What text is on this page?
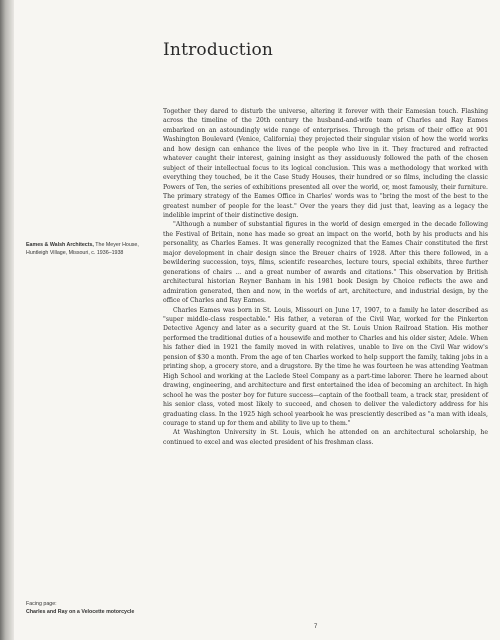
Introduction
Eames & Walsh Architects, The Meyer House, Huntleigh Village, Missouri, c. 1936–1938

Together they dared to disturb the universe, altering it forever with their Eamesian touch. Flashing across the timeline of the 20th century the husband-and-wife team of Charles and Ray Eames embarked on an astoundingly wide range of enterprises. Through the prism of their office at 901 Washington Boulevard (Venice, California) they projected their singular vision of how the world works and how design can enhance the lives of the people who live in it. They fractured and refracted whatever caught their interest, gaining insight as they assiduously followed the path of the chosen subject of their intellectual focus to its logical conclusion. This was a methodology that worked with everything they touched, be it the Case Study Houses, their hundred or so films, including the classic Powers of Ten, the series of exhibitions presented all over the world, or, most famously, their furniture. The primary strategy of the Eames Office in Charles' words was to "bring the most of the best to the greatest number of people for the least." Over the years they did just that, leaving as a legacy the indelible imprint of their distinctive design.

"Although a number of substantial figures in the world of design emerged in the decade following the Festival of Britain, none has made so great an impact on the world, both by his products and his personality, as Charles Eames. It was generally recognized that the Eames Chair constituted the first major development in chair design since the Breuer chairs of 1928. After this there followed, in a bewildering succession, toys, films, scientifc researches, lecture tours, special exhibits, three further generations of chairs ... and a great number of awards and citations." This observation by British architectural historian Reyner Banham in his 1981 book Design by Choice reflects the awe and admiration generated, then and now, in the worlds of art, architecture, and industrial design, by the office of Charles and Ray Eames.

Charles Eames was born in St. Louis, Missouri on June 17, 1907, to a family he later described as "super middle-class respectable." His father, a veteran of the Civil War, worked for the Pinkerton Detective Agency and later as a security guard at the St. Louis Union Railroad Station. His mother performed the traditional duties of a housewife and mother to Charles and his older sister, Adele. When his father died in 1921 the family moved in with relatives, unable to live on the Civil War widow's pension of $30 a month. From the age of ten Charles worked to help support the family, taking jobs in a printing shop, a grocery store, and a drugstore. By the time he was fourteen he was attending Yeatman High School and working at the Laclede Steel Company as a part-time laborer. There he learned about drawing, engineering, and architecture and first entertained the idea of becoming an architect. In high school he was the poster boy for future success—captain of the football team, a track star, president of his senior class, voted most likely to succeed, and chosen to deliver the valedictory address for his graduating class. In the 1925 high school yearbook he was presciently described as "a man with ideals, courage to stand up for them and ability to live up to them."

At Washington University in St. Louis, which he attended on an architectural scholarship, he continued to excel and was elected president of his freshman class.

Facing page:
Charles and Ray on a Velocette motorcycle
7
